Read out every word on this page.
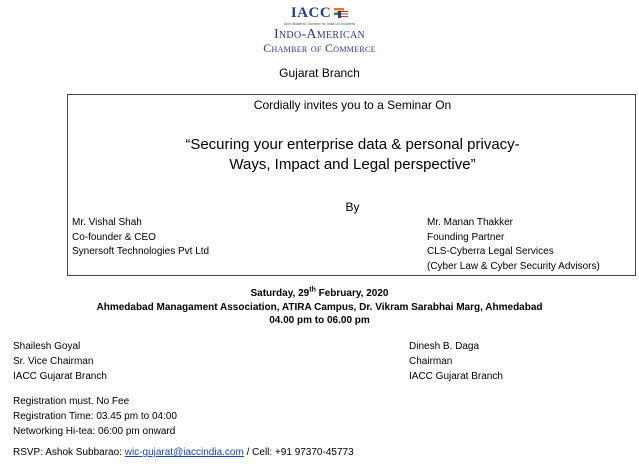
IACC
Apex Bilateral Chamber for India-US business
Indo-American
Chamber of Commerce
Gujarat Branch
Cordially invites you to a Seminar On
“Securing your enterprise data & personal privacy-
Ways, Impact and Legal perspective”
By
Mr. Vishal Shah
Co-founder & CEO
Synersoft Technologies Pvt Ltd
Mr. Manan Thakker
Founding Partner
CLS-Cyberra Legal Services
(Cyber Law & Cyber Security Advisors)
Saturday, 29th February, 2020
Ahmedabad Managament Association, ATIRA Campus, Dr. Vikram Sarabhai Marg, Ahmedabad
04.00 pm to 06.00 pm
Shailesh Goyal
Sr. Vice Chairman
IACC Gujarat Branch
Dinesh B. Daga
Chairman
IACC Gujarat Branch
Registration must. No Fee
Registration Time: 03.45 pm to 04:00
Networking Hi-tea: 06:00 pm onward
RSVP: Ashok Subbarao: wic-gujarat@iaccindia.com / Cell: +91 97370-45773
